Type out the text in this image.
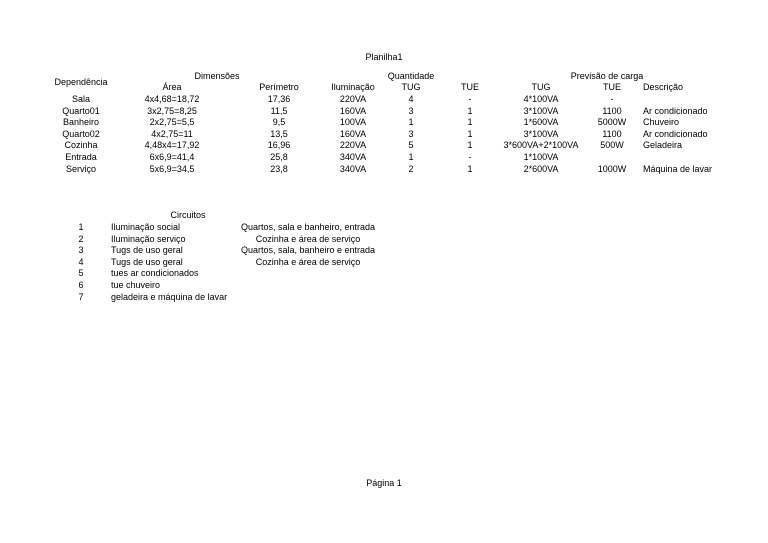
Planilha1
Dependência
Dimensões
Área	Perímetro	Iluminação
Quantidade
TUG	TUE
Previsão de carga
TUG	TUE Descrição
Sala	4x4,68=18,72	17,36	220VA	4	-	4*100VA	-
Quarto01	3x2,75=8,25	11,5	160VA	3	1	3*100VA	1100 Ar condicionado
Banheiro	2x2,75=5,5	9,5	100VA	1	1	1*600VA	5000W Chuveiro
Quarto02	4x2,75=11	13,5	160VA	3	1	3*100VA	1100 Ar condicionado
Cozinha	4,48x4=17,92	16,96	220VA	5	1	3*600VA+2*100VA 500W Geladeira
Entrada	6x6,9=41,4	25,8	340VA	1	-	1*100VA
Serviço	5x6,9=34,5	23,8	340VA	2	1	2*600VA	1000W Máquina de lavar
Circuitos
1	Iluminação social	Quartos, sala e banheiro, entrada
2	Iluminação serviço	Cozinha e área de serviço
3	Tugs de uso geral	Quartos, sala, banheiro e entrada
4	Tugs de uso geral	Cozinha e área de serviço
5	tues ar condicionados
6	tue chuveiro
7	geladeira e máquina de lavar
Página 1
